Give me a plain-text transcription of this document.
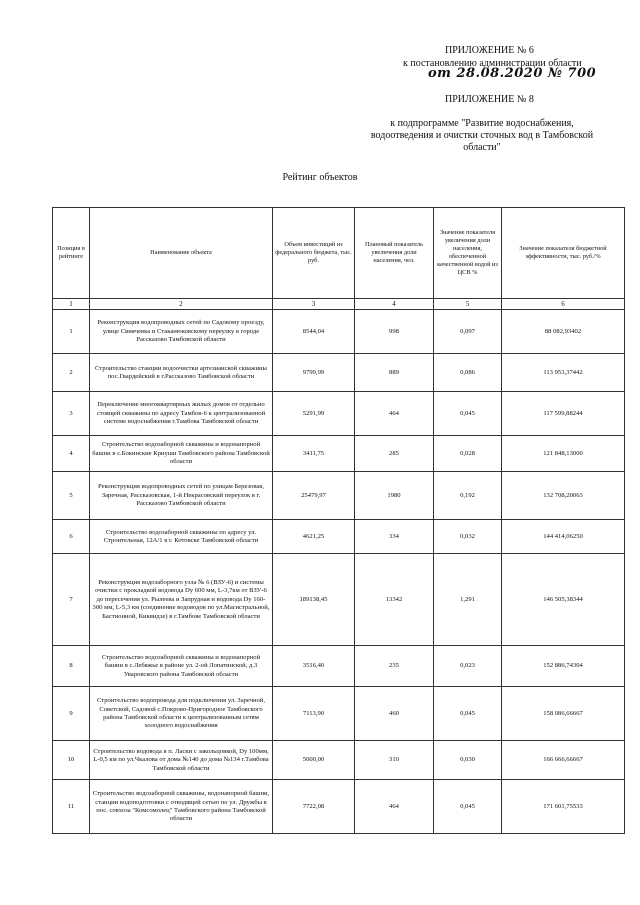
ПРИЛОЖЕНИЕ № 6
к постановлению администрации области
от 28.08.2020 № 700
ПРИЛОЖЕНИЕ № 8
к подпрограмме "Развитие водоснабжения, водоотведения и очистки сточных вод в Тамбовской области"
Рейтинг объектов
Позиция в рейтинге	Наименование объекта	Объем инвестиций из федерального бюджета, тыс. руб.	Плановый показатель увеличения доли населения, чел.	Значение показателя увеличения доли населения, обеспеченной качественной водой из ЦСВ %	Значение показателя бюджетной эффективности, тыс. руб./%
1	2	3	4	5	6
1	Реконструкция водопроводных сетей по Садовому проезду, улице Свиячевка и Стаканюковскому переулку в городе Рассказово Тамбовской области	8544,04	998	0,097	88 082,93402
2	Строительство станции водоочистки артезианской скважины пос.Гвардейский в г.Рассказово Тамбовской области	9799,99	889	0,086	113 953,37442
3	Переключение многоквартирных жилых домов от отдельно стоящей скважины по адресу Тамбов-6 к централизованной системе водоснабжения г.Тамбова Тамбовской области	5291,99	464	0,045	117 599,88244
4	Строительство водозаборной скважины и водонапорной башни в с.Бокинские Криуши Тамбовского района Тамбовской области	3411,75	285	0,028	121 848,13000
5	Реконструкция водопроводных сетей по улицам Березовая, Заречная, Рассказовская, 1-й Некрасовский переулок в г. Рассказово Тамбовской области	25479,97	1980	0,192	132 708,20063
6	Строительство водозаборной скважины по адресу ул. Строительная, 12А/1 в г. Котовске Тамбовской области	4621,25	334	0,032	144 414,06250
7	Реконструкция водозаборного узла № 6 (ВЗУ-6) и системы очистки с прокладкой водовода Dy 600 мм, L-3,7км от ВЗУ-6 до пересечения ул. Рылеева и Запрудная и водовода Dy 160-300 мм, L-5,3 км (соединение водоводов по ул.Магистральной, Бастионной, Киквидзе) в г.Тамбове Тамбовской области	189138,45	13342	1,291	146 505,38344
8	Строительство водозаборной скважины и водонапорной башни в с.Лебяжье в районе ул. 2-ой Лопатинской, д.3 Уваровского района Тамбовской области	3516,40	235	0,023	152 886,74304
9	Строительство водопровода для подключения ул. Заречной, Советской, Садовой с.Покрово-Пригородное Тамбовского района Тамбовской области к централизованным сетям холодного водоснабжения	7113,90	460	0,045	158 086,66667
10	Строительство водовода в п. Ласки с закольцовкой, Dy 100мм, L-0,5 км по ул.Чкалова от дома №140 до дома №134 г.Тамбова Тамбовской области	5000,00	310	0,030	166 666,66667
11	Строительство водозаборной скважины, водонапорной башни, станции водоподготовки с отводящей сетью по ул. Дружбы в пос. совхоза "Комсомолец" Тамбовского района Тамбовской области	7722,08	464	0,045	171 601,75533
